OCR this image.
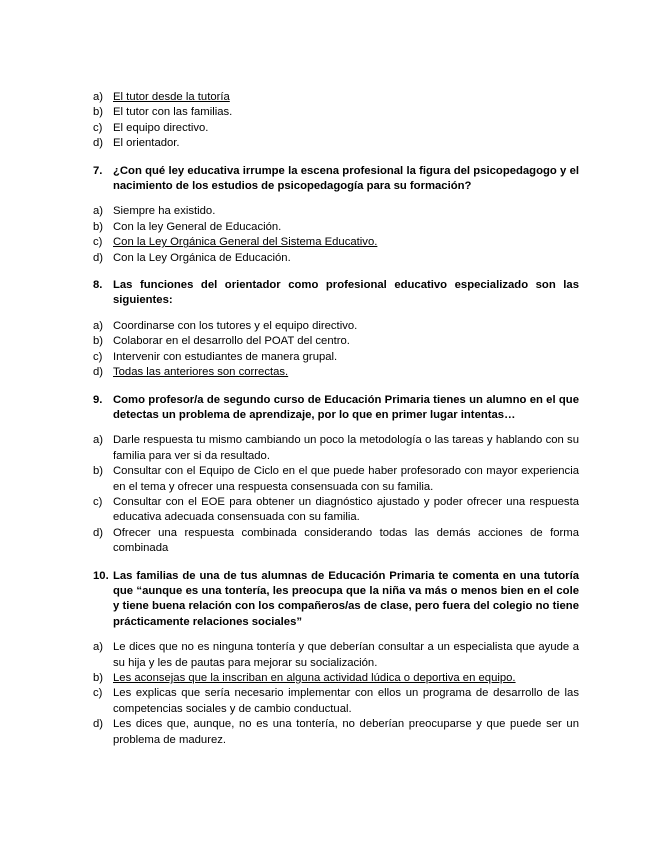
a) El tutor desde la tutoría
b) El tutor con las familias.
c) El equipo directivo.
d) El orientador.
7. ¿Con qué ley educativa irrumpe la escena profesional la figura del psicopedagogo y el nacimiento de los estudios de psicopedagogía para su formación?
a) Siempre ha existido.
b) Con la ley General de Educación.
c) Con la Ley Orgánica General del Sistema Educativo.
d) Con la Ley Orgánica de Educación.
8. Las funciones del orientador como profesional educativo especializado son las siguientes:
a) Coordinarse con los tutores y el equipo directivo.
b) Colaborar en el desarrollo del POAT del centro.
c) Intervenir con estudiantes de manera grupal.
d) Todas las anteriores son correctas.
9. Como profesor/a de segundo curso de Educación Primaria tienes un alumno en el que detectas un problema de aprendizaje, por lo que en primer lugar intentas…
a) Darle respuesta tu mismo cambiando un poco la metodología o las tareas y hablando con su familia para ver si da resultado.
b) Consultar con el Equipo de Ciclo en el que puede haber profesorado con mayor experiencia en el tema y ofrecer una respuesta consensuada con su familia.
c) Consultar con el EOE para obtener un diagnóstico ajustado y poder ofrecer una respuesta educativa adecuada consensuada con su familia.
d) Ofrecer una respuesta combinada considerando todas las demás acciones de forma combinada
10. Las familias de una de tus alumnas de Educación Primaria te comenta en una tutoría que “aunque es una tontería, les preocupa que la niña va más o menos bien en el cole y tiene buena relación con los compañeros/as de clase, pero fuera del colegio no tiene prácticamente relaciones sociales”
a) Le dices que no es ninguna tontería y que deberían consultar a un especialista que ayude a su hija y les de pautas para mejorar su socialización.
b) Les aconsejas que la inscriban en alguna actividad lúdica o deportiva en equipo.
c) Les explicas que sería necesario implementar con ellos un programa de desarrollo de las competencias sociales y de cambio conductual.
d) Les dices que, aunque, no es una tontería, no deberían preocuparse y que puede ser un problema de madurez.
